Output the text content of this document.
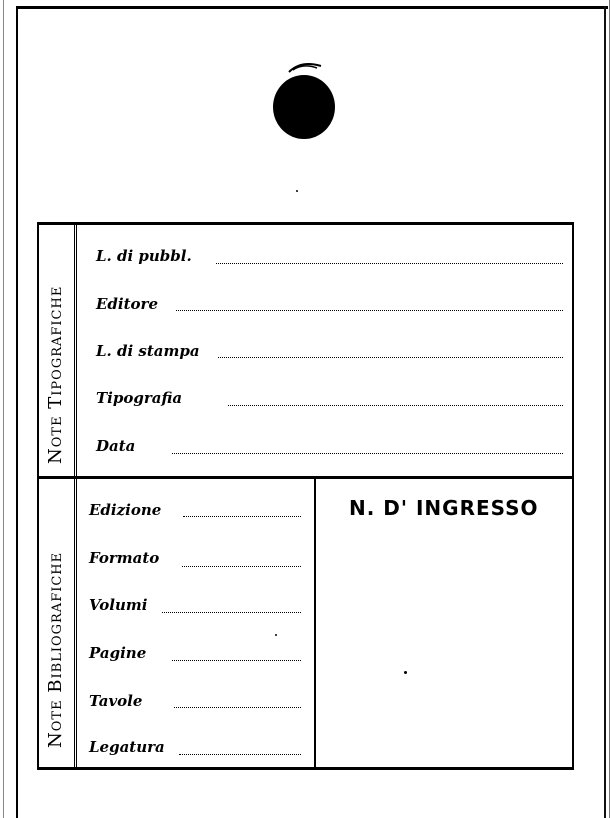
Note Tipografiche
Note Bibliografiche
L. di pubbl.
Editore
L. di stampa
Tipografia
Data
Edizione
Formato
Volumi
Pagine
Tavole
Legatura
N. D' INGRESSO
